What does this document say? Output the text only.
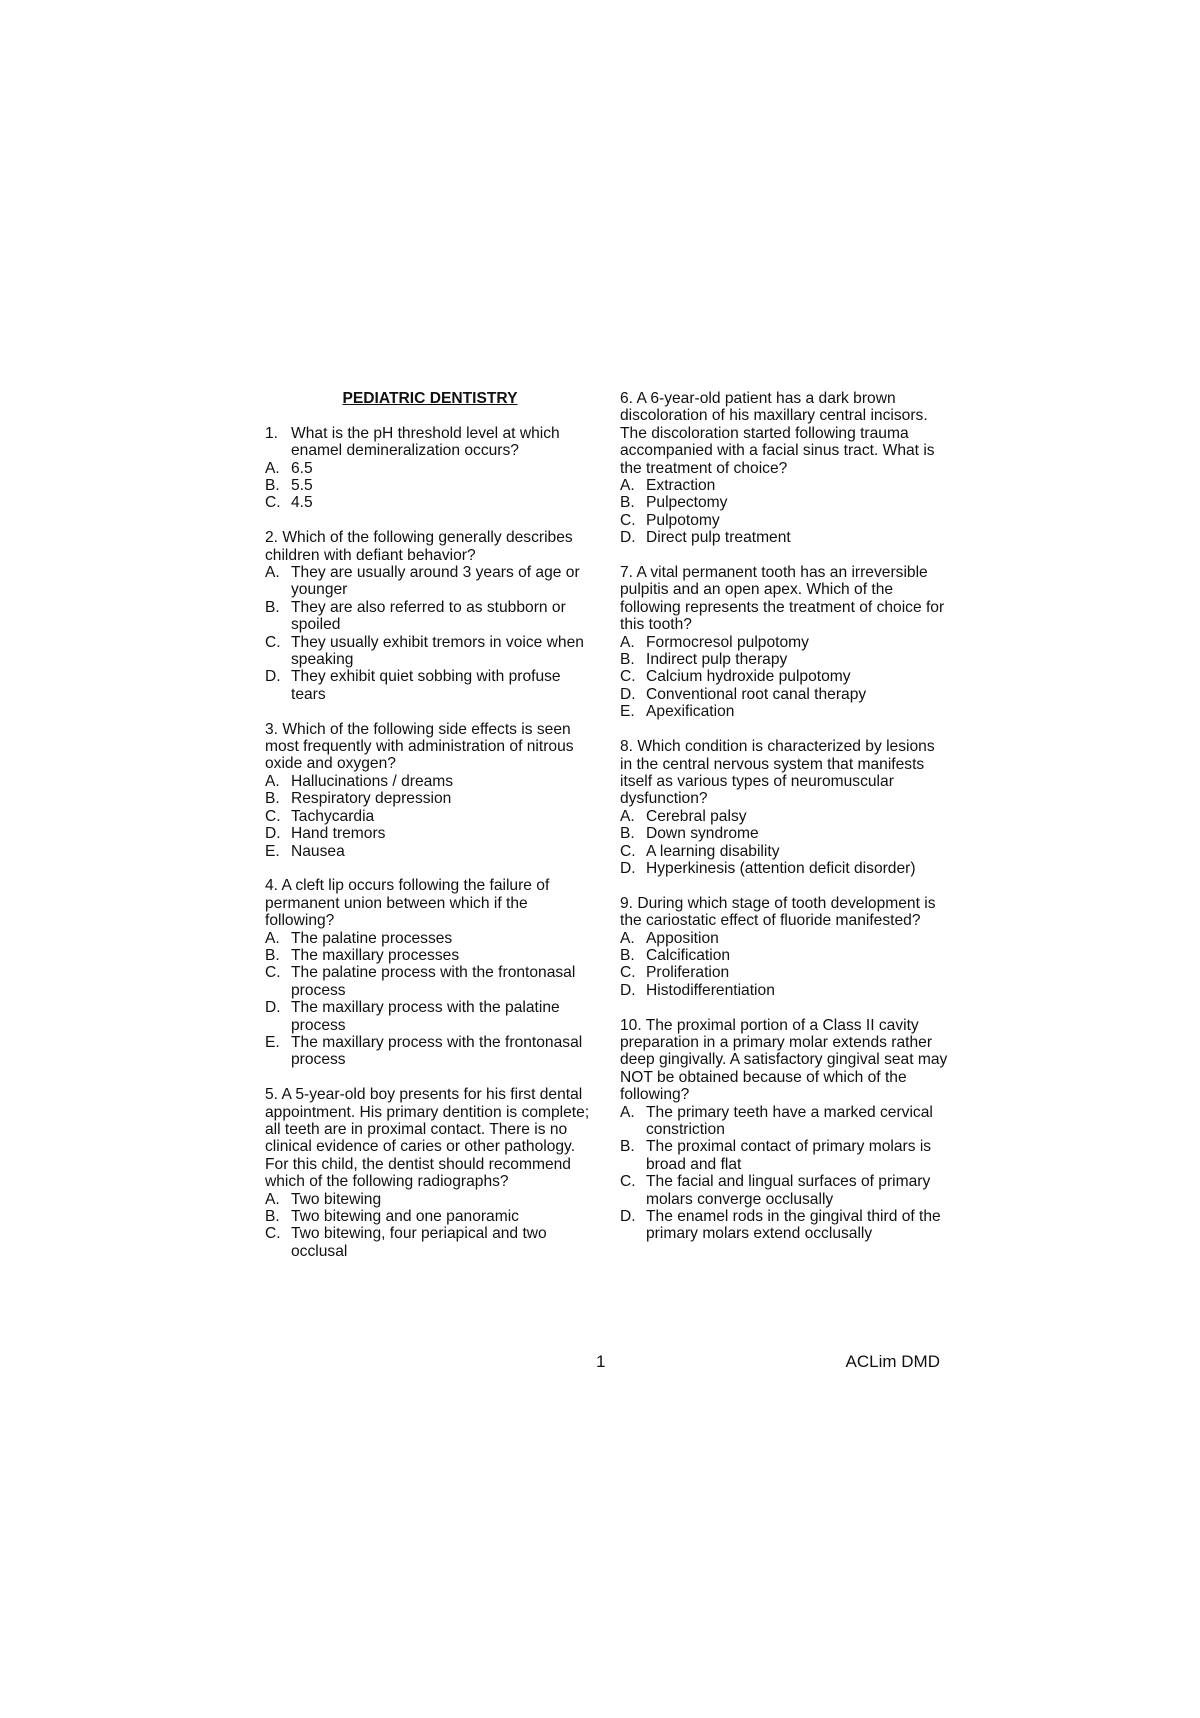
PEDIATRIC DENTISTRY
1. What is the pH threshold level at which enamel demineralization occurs?
A. 6.5
B. 5.5
C. 4.5
2. Which of the following generally describes children with defiant behavior?
A. They are usually around 3 years of age or younger
B. They are also referred to as stubborn or spoiled
C. They usually exhibit tremors in voice when speaking
D. They exhibit quiet sobbing with profuse tears
3. Which of the following side effects is seen most frequently with administration of nitrous oxide and oxygen?
A. Hallucinations / dreams
B. Respiratory depression
C. Tachycardia
D. Hand tremors
E. Nausea
4. A cleft lip occurs following the failure of permanent union between which if the following?
A. The palatine processes
B. The maxillary processes
C. The palatine process with the frontonasal process
D. The maxillary process with the palatine process
E. The maxillary process with the frontonasal process
5. A 5-year-old boy presents for his first dental appointment. His primary dentition is complete; all teeth are in proximal contact. There is no clinical evidence of caries or other pathology. For this child, the dentist should recommend which of the following radiographs?
A. Two bitewing
B. Two bitewing and one panoramic
C. Two bitewing, four periapical and two occlusal
6. A 6-year-old patient has a dark brown discoloration of his maxillary central incisors. The discoloration started following trauma accompanied with a facial sinus tract. What is the treatment of choice?
A. Extraction
B. Pulpectomy
C. Pulpotomy
D. Direct pulp treatment
7. A vital permanent tooth has an irreversible pulpitis and an open apex. Which of the following represents the treatment of choice for this tooth?
A. Formocresol pulpotomy
B. Indirect pulp therapy
C. Calcium hydroxide pulpotomy
D. Conventional root canal therapy
E. Apexification
8. Which condition is characterized by lesions in the central nervous system that manifests itself as various types of neuromuscular dysfunction?
A. Cerebral palsy
B. Down syndrome
C. A learning disability
D. Hyperkinesis (attention deficit disorder)
9. During which stage of tooth development is the cariostatic effect of fluoride manifested?
A. Apposition
B. Calcification
C. Proliferation
D. Histodifferentiation
10. The proximal portion of a Class II cavity preparation in a primary molar extends rather deep gingivally. A satisfactory gingival seat may NOT be obtained because of which of the following?
A. The primary teeth have a marked cervical constriction
B. The proximal contact of primary molars is broad and flat
C. The facial and lingual surfaces of primary molars converge occlusally
D. The enamel rods in the gingival third of the primary molars extend occlusally
1	ACLim DMD
